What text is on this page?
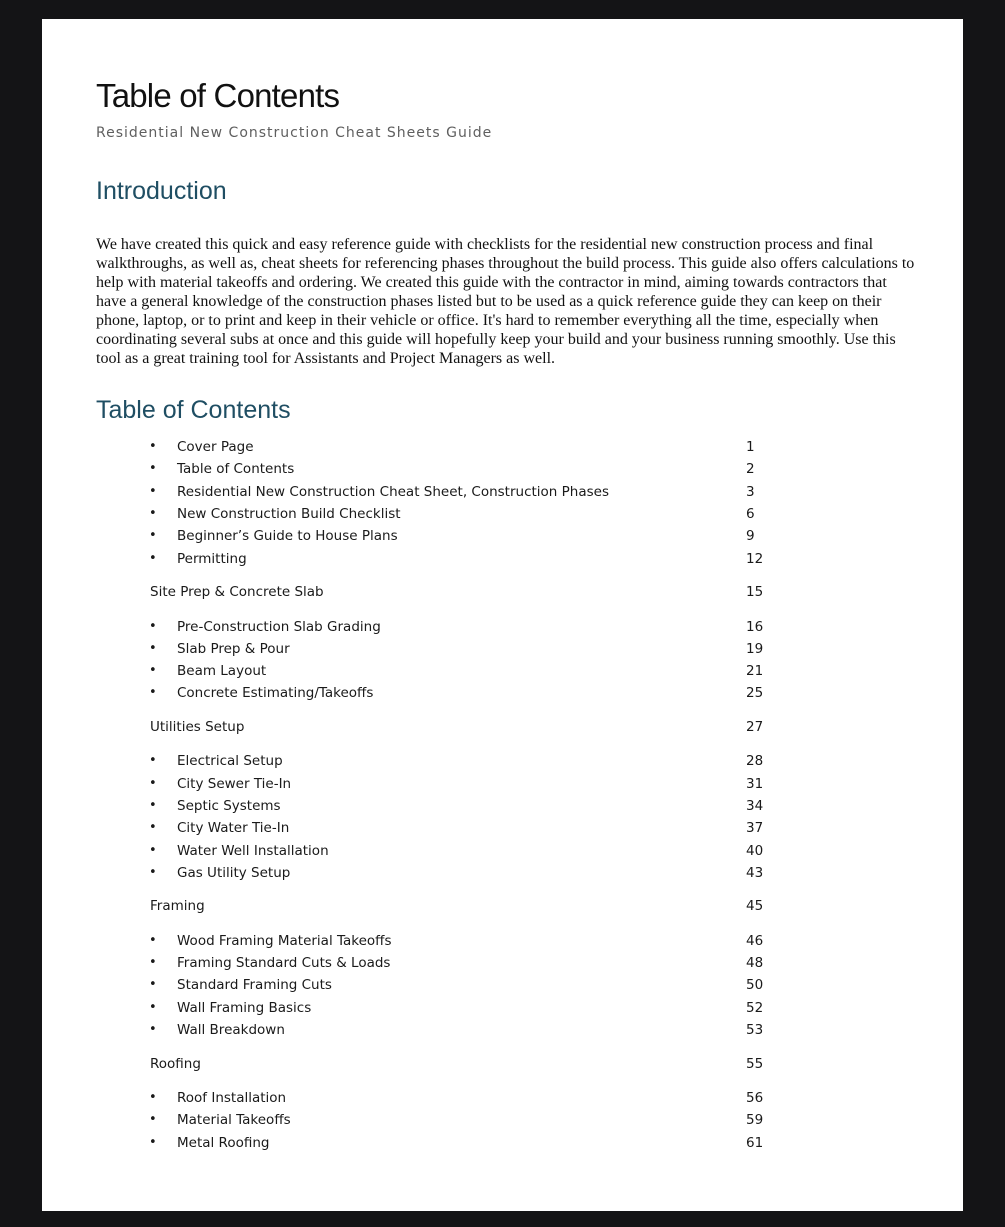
Table of Contents
Residential New Construction Cheat Sheets Guide
Introduction

We have created this quick and easy reference guide with checklists for the residential new construction process and final walkthroughs, as well as, cheat sheets for referencing phases throughout the build process. This guide also offers calculations to help with material takeoffs and ordering. We created this guide with the contractor in mind, aiming towards contractors that have a general knowledge of the construction phases listed but to be used as a quick reference guide they can keep on their phone, laptop, or to print and keep in their vehicle or office. It's hard to remember everything all the time, especially when coordinating several subs at once and this guide will hopefully keep your build and your business running smoothly. Use this tool as a great training tool for Assistants and Project Managers as well.

Table of Contents
• Cover Page	1
• Table of Contents	2
• Residential New Construction Cheat Sheet, Construction Phases	3
• New Construction Build Checklist	6
• Beginner’s Guide to House Plans	9
• Permitting	12
Site Prep & Concrete Slab	15
• Pre-Construction Slab Grading	16
• Slab Prep & Pour	19
• Beam Layout	21
• Concrete Estimating/Takeoffs	25
Utilities Setup	27
• Electrical Setup	28
• City Sewer Tie-In	31
• Septic Systems	34
• City Water Tie-In	37
• Water Well Installation	40
• Gas Utility Setup	43
Framing	45
• Wood Framing Material Takeoffs	46
• Framing Standard Cuts & Loads	48
• Standard Framing Cuts	50
• Wall Framing Basics	52
• Wall Breakdown	53
Roofing	55
• Roof Installation	56
• Material Takeoffs	59
• Metal Roofing	61
